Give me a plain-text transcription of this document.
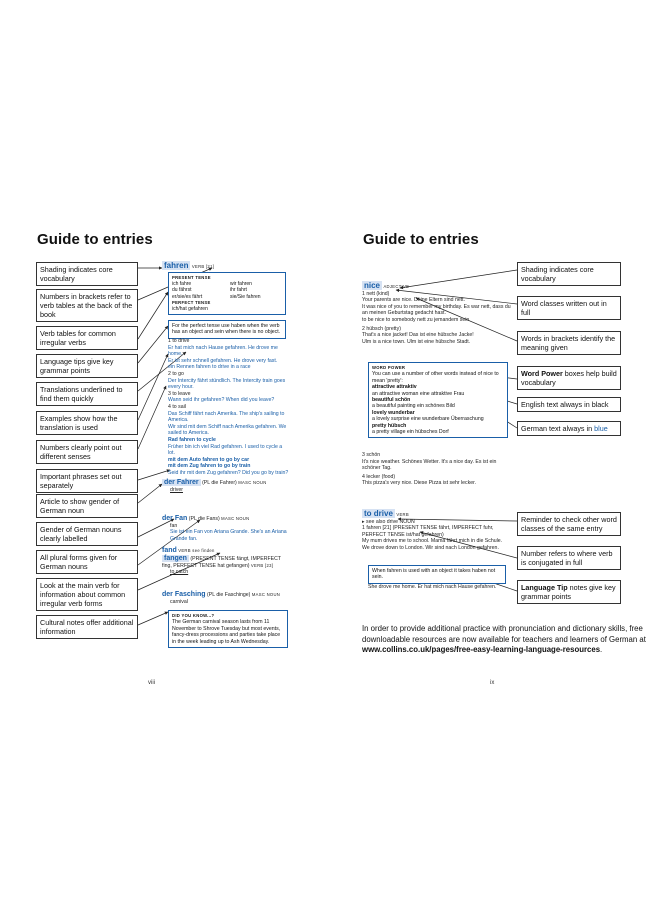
Guide to entries
Shading indicates core vocabulary
Numbers in brackets refer to verb tables at the back of the book
Verb tables for common irregular verbs
Language tips give key grammar points
Translations underlined to find them quickly
Examples show how the translation is used
Numbers clearly point out different senses
Important phrases set out separately
Article to show gender of German noun
Gender of German nouns clearly labelled
All plural forms given for German nouns
Look at the main verb for information about common irregular verb forms
Cultural notes offer additional information
fahren VERB [21]
PRESENT TENSE
ich fahre	wir fahren
du fährst	ihr fahrt
er/sie/es fährt	sie/Sie fahren
PERFECT TENSE
ich/hat gefahren
For the perfect tense use haben when the verb has an object and sein when there is no object.
1 to drive
Er hat mich nach Hause gefahren. He drove me home.
Er ist sehr schnell gefahren. He drove very fast.
ein Rennen fahren to drive in a race
2 to go
Der Intercity fährt stündlich. The Intercity train goes every hour.
3 to leave
Wann seid ihr gefahren? When did you leave?
4 to sail
Das Schiff fährt nach Amerika. The ship's sailing to America.
Wir sind mit dem Schiff nach Amerika gefahren. We sailed to America.
Rad fahren to cycle
Früher bin ich viel Rad gefahren. I used to cycle a lot.
mit dem Auto fahren to go by car
mit dem Zug fahren to go by train
Seid ihr mit dem Zug gefahren? Did you go by train?
der Fahrer (PL die Fahrer) MASC NOUN
driver
der Fan (PL die Fans) MASC NOUN
fan
Sie ist ein Fan von Ariana Grande. She's an Ariana Grande fan.
fand VERB see finden
fangen (PRESENT TENSE fängt, IMPERFECT fing, PERFECT TENSE hat gefangen) VERB [23]
to catch
der Fasching (PL die Faschinge) MASC NOUN
carnival
DID YOU KNOW...?
The German carnival season lasts from 11 November to Shrove Tuesday but most events, fancy-dress processions and parties take place in the week leading up to Ash Wednesday.
viii
Guide to entries
nice ADJECTIVE
1 nett (kind)
Your parents are nice. Deine Eltern sind nett.
It was nice of you to remember my birthday. Es war nett, dass du an meinen Geburtstag gedacht hast.
to be nice to somebody nett zu jemandem sein
2 hübsch (pretty)
That's a nice jacket! Das ist eine hübsche Jacke!
Ulm is a nice town. Ulm ist eine hübsche Stadt.
WORD POWER
You can use a number of other words instead of nice to mean 'pretty':
attractive attraktiv
an attractive woman eine attraktive Frau
beautiful schön
a beautiful painting ein schönes Bild
lovely wunderbar
a lovely surprise eine wunderbare Überraschung
pretty hübsch
a pretty village ein hübsches Dorf
3 schön
It's nice weather. Schönes Wetter. It's a nice day. Es ist ein schöner Tag.
4 lecker (food)
This pizza's very nice. Diese Pizza ist sehr lecker.
to drive VERB
▸ see also drive NOUN
1 fahren [21] (PRESENT TENSE fährt, IMPERFECT fuhr, PERFECT TENSE ist/hat gefahren)
My mum drives me to school. Mama fährt mich in die Schule.
We drove down to London. Wir sind nach London gefahren.
When fahren is used with an object it takes haben not sein.
She drove me home. Er hat mich nach Hause gefahren.
Shading indicates core vocabulary
Word classes written out in full
Words in brackets identify the meaning given
Word Power boxes help build vocabulary
English text always in black
German text always in blue
Reminder to check other word classes of the same entry
Number refers to where verb is conjugated in full
Language Tip notes give key grammar points
ix
In order to provide additional practice with pronunciation and dictionary skills, free downloadable resources are now available for teachers and learners of German at www.collins.co.uk/pages/free-easy-learning-language-resources.
